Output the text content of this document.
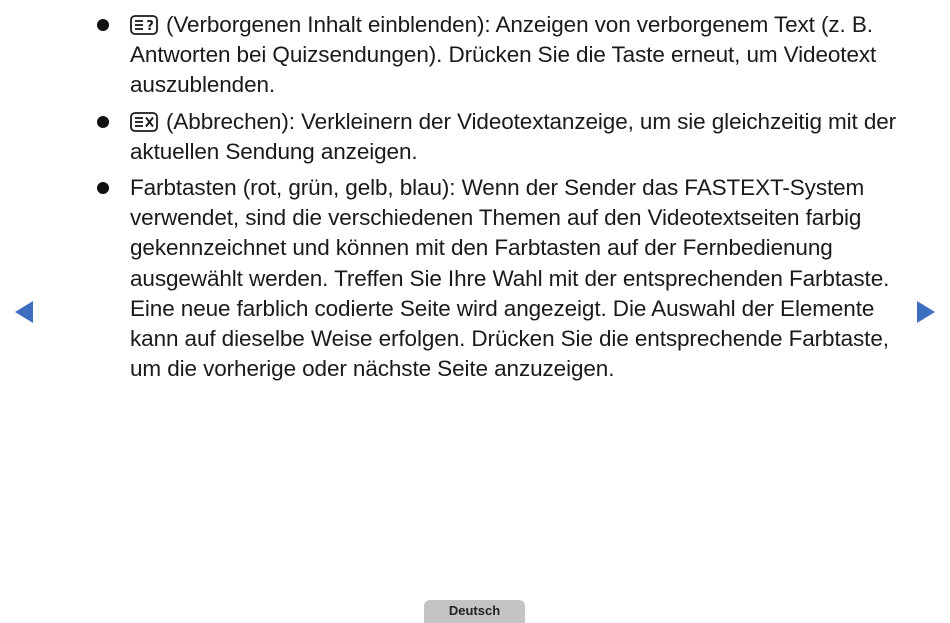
? (Verborgenen Inhalt einblenden): Anzeigen von verborgenem Text (z. B. Antworten bei Quizsendungen). Drücken Sie die Taste erneut, um Videotext auszublenden.
(Abbrechen): Verkleinern der Videotextanzeige, um sie gleichzeitig mit der aktuellen Sendung anzeigen.
Farbtasten (rot, grün, gelb, blau): Wenn der Sender das FASTEXT-System verwendet, sind die verschiedenen Themen auf den Videotextseiten farbig gekennzeichnet und können mit den Farbtasten auf der Fernbedienung ausgewählt werden. Treffen Sie Ihre Wahl mit der entsprechenden Farbtaste. Eine neue farblich codierte Seite wird angezeigt. Die Auswahl der Elemente kann auf dieselbe Weise erfolgen. Drücken Sie die entsprechende Farbtaste, um die vorherige oder nächste Seite anzuzeigen.
Deutsch
